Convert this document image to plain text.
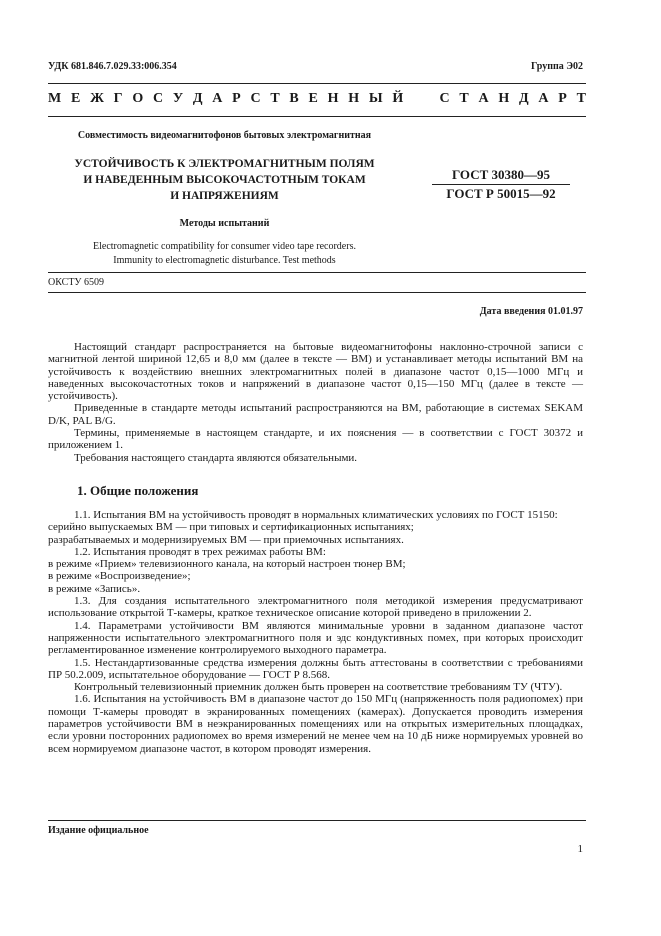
УДК 681.846.7.029.33:006.354	Группа Э02
М Е Ж Г О С У Д А Р С Т В Е Н Н Ы Й

	С Т А Н Д А Р Т
Совместимость видеомагнитофонов бытовых электромагнитная
УСТОЙЧИВОСТЬ К ЭЛЕКТРОМАГНИТНЫМ ПОЛЯМ
И НАВЕДЕННЫМ ВЫСОКОЧАСТОТНЫМ ТОКАМ
И НАПРЯЖЕНИЯМ
ГОСТ 30380—95
ГОСТ Р 50015—92
Методы испытаний
Electromagnetic compatibility for consumer video tape recorders.
Immunity to electromagnetic disturbance. Test methods
ОКСТУ 6509
Дата введения 01.01.97

Настоящий стандарт распространяется на бытовые видеомагнитофоны наклонно-строчной записи с магнитной лентой шириной 12,65 и 8,0 мм (далее в тексте — ВМ) и устанавливает методы испытаний ВМ на устойчивость к воздействию внешних электромагнитных полей в диапазоне частот 0,15—1000 МГц и наведенных высокочастотных токов и напряжений в диапазоне частот 0,15—150 МГц (далее в тексте — устойчивость).

Приведенные в стандарте методы испытаний распространяются на ВМ, работающие в системах SEKAM D/K, PAL B/G.

Термины, применяемые в настоящем стандарте, и их пояснения — в соответствии с ГОСТ 30372 и приложением 1.

Требования настоящего стандарта являются обязательными.

1. Общие положения

1.1. Испытания ВМ на устойчивость проводят в нормальных климатических условиях по ГОСТ 15150:

серийно выпускаемых ВМ — при типовых и сертификационных испытаниях;

разрабатываемых и модернизируемых ВМ — при приемочных испытаниях.

1.2. Испытания проводят в трех режимах работы ВМ:

в режиме «Прием» телевизионного канала, на который настроен тюнер ВМ;

в режиме «Воспроизведение»;

в режиме «Запись».

1.3. Для создания испытательного электромагнитного поля методикой измерения предусматривают использование открытой Т-камеры, краткое техническое описание которой приведено в приложении 2.

1.4. Параметрами устойчивости ВМ являются минимальные уровни в заданном диапазоне частот напряженности испытательного электромагнитного поля и эдс кондуктивных помех, при которых происходит регламентированное изменение контролируемого выходного параметра.

1.5. Нестандартизованные средства измерения должны быть аттестованы в соответствии с требованиями ПР 50.2.009, испытательное оборудование — ГОСТ Р 8.568.

Контрольный телевизионный приемник должен быть проверен на соответствие требованиям ТУ (ЧТУ).

1.6. Испытания на устойчивость ВМ в диапазоне частот до 150 МГц (напряженность поля радиопомех) при помощи Т-камеры проводят в экранированных помещениях (камерах). Допускается проводить измерения параметров устойчивости ВМ в неэкранированных помещениях или на открытых измерительных площадках, если уровни посторонних радиопомех во время измерений не менее чем на 10 дБ ниже нормируемых уровней во всем нормируемом диапазоне частот, в котором проводят измерения.

Издание официальное
1
